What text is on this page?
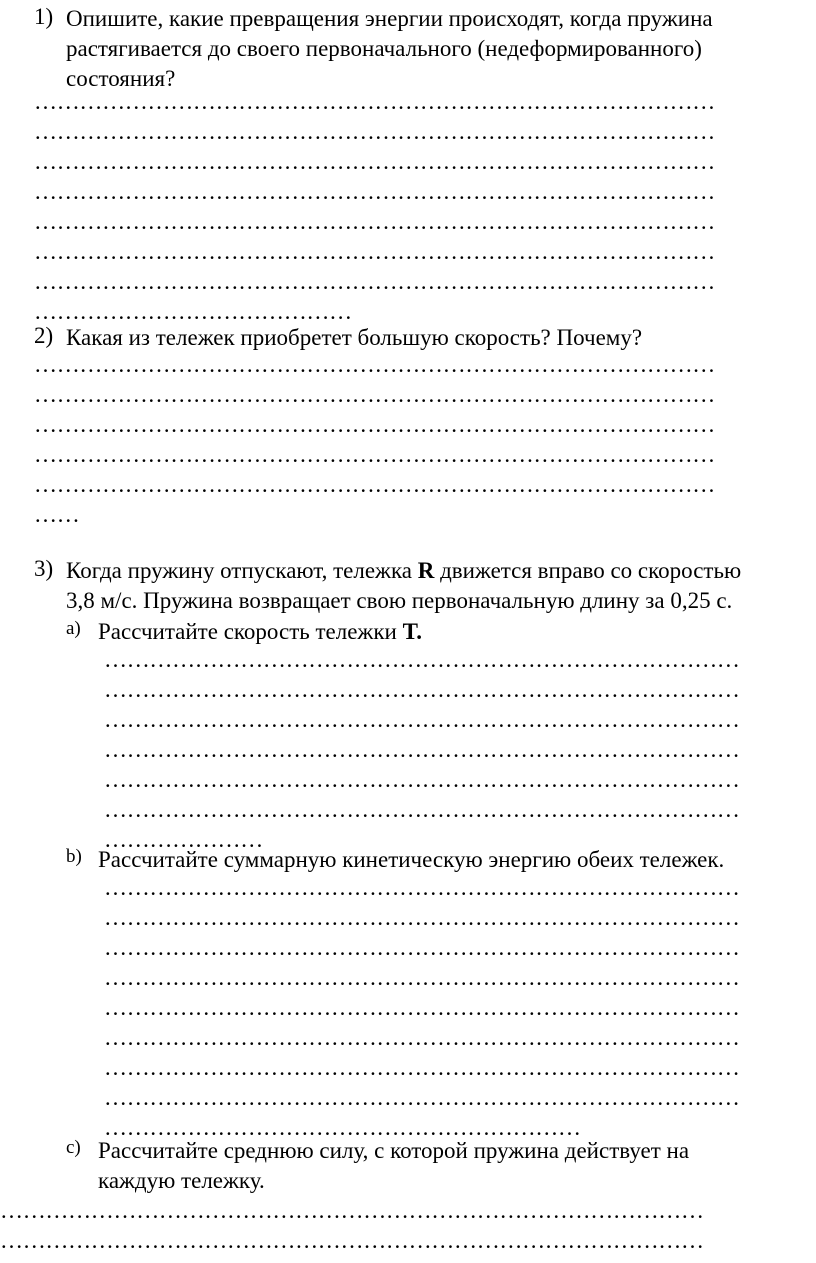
1) Опишите, какие превращения энергии происходят, когда пружина
растягивается до своего первоначального (недеформированного)
состояния?
………………………………………………………………………………
………………………………………………………………………………
………………………………………………………………………………
………………………………………………………………………………
………………………………………………………………………………
………………………………………………………………………………
………………………………………………………………………………
……………………………………
2) Какая из тележек приобретет большую скорость? Почему?
………………………………………………………………………………
………………………………………………………………………………
………………………………………………………………………………
………………………………………………………………………………
………………………………………………………………………………
……
3) Когда пружину отпускают, тележка R движется вправо со скоростью
3,8 м/с. Пружина возвращает свою первоначальную длину за 0,25 с.
a) Рассчитайте скорость тележки T.
…………………………………………………………………………
…………………………………………………………………………
…………………………………………………………………………
…………………………………………………………………………
…………………………………………………………………………
…………………………………………………………………………
…………………
b) Рассчитайте суммарную кинетическую энергию обеих тележек.
…………………………………………………………………………
…………………………………………………………………………
…………………………………………………………………………
…………………………………………………………………………
…………………………………………………………………………
…………………………………………………………………………
…………………………………………………………………………
…………………………………………………………………………
………………………………………………………
c) Рассчитайте среднюю силу, с которой пружина действует на
каждую тележку.
…………………………………………………………………………………
…………………………………………………………………………………
